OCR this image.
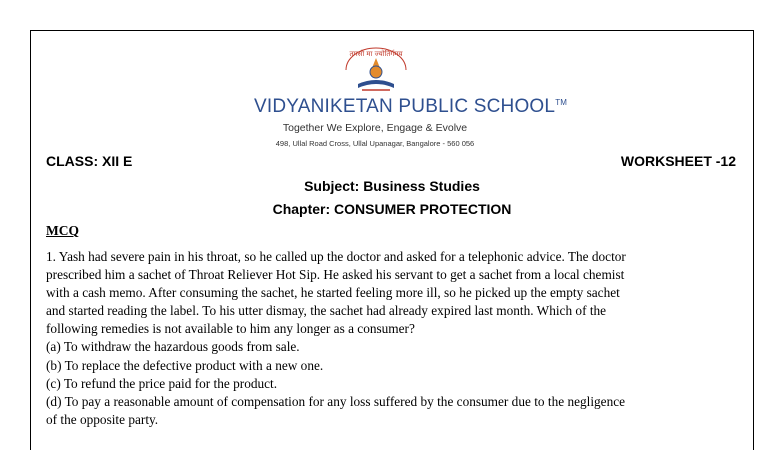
तमसो मा ज्योतिर्गमय
VIDYANIKETAN PUBLIC SCHOOL™
Together We Explore, Engage & Evolve
498, Ullal Road Cross, Ullal Upanagar, Bangalore - 560 056
CLASS: XII E	WORKSHEET -12
Subject: Business Studies
Chapter: CONSUMER PROTECTION
MCQ

1. Yash had severe pain in his throat, so he called up the doctor and asked for a telephonic advice. The doctor

prescribed him a sachet of Throat Reliever Hot Sip. He asked his servant to get a sachet from a local chemist

with a cash memo. After consuming the sachet, he started feeling more ill, so he picked up the empty sachet

and started reading the label. To his utter dismay, the sachet had already expired last month. Which of the

following remedies is not available to him any longer as a consumer?

(a) To withdraw the hazardous goods from sale.

(b) To replace the defective product with a new one.

(c) To refund the price paid for the product.

(d) To pay a reasonable amount of compensation for any loss suffered by the consumer due to the negligence

of the opposite party.
